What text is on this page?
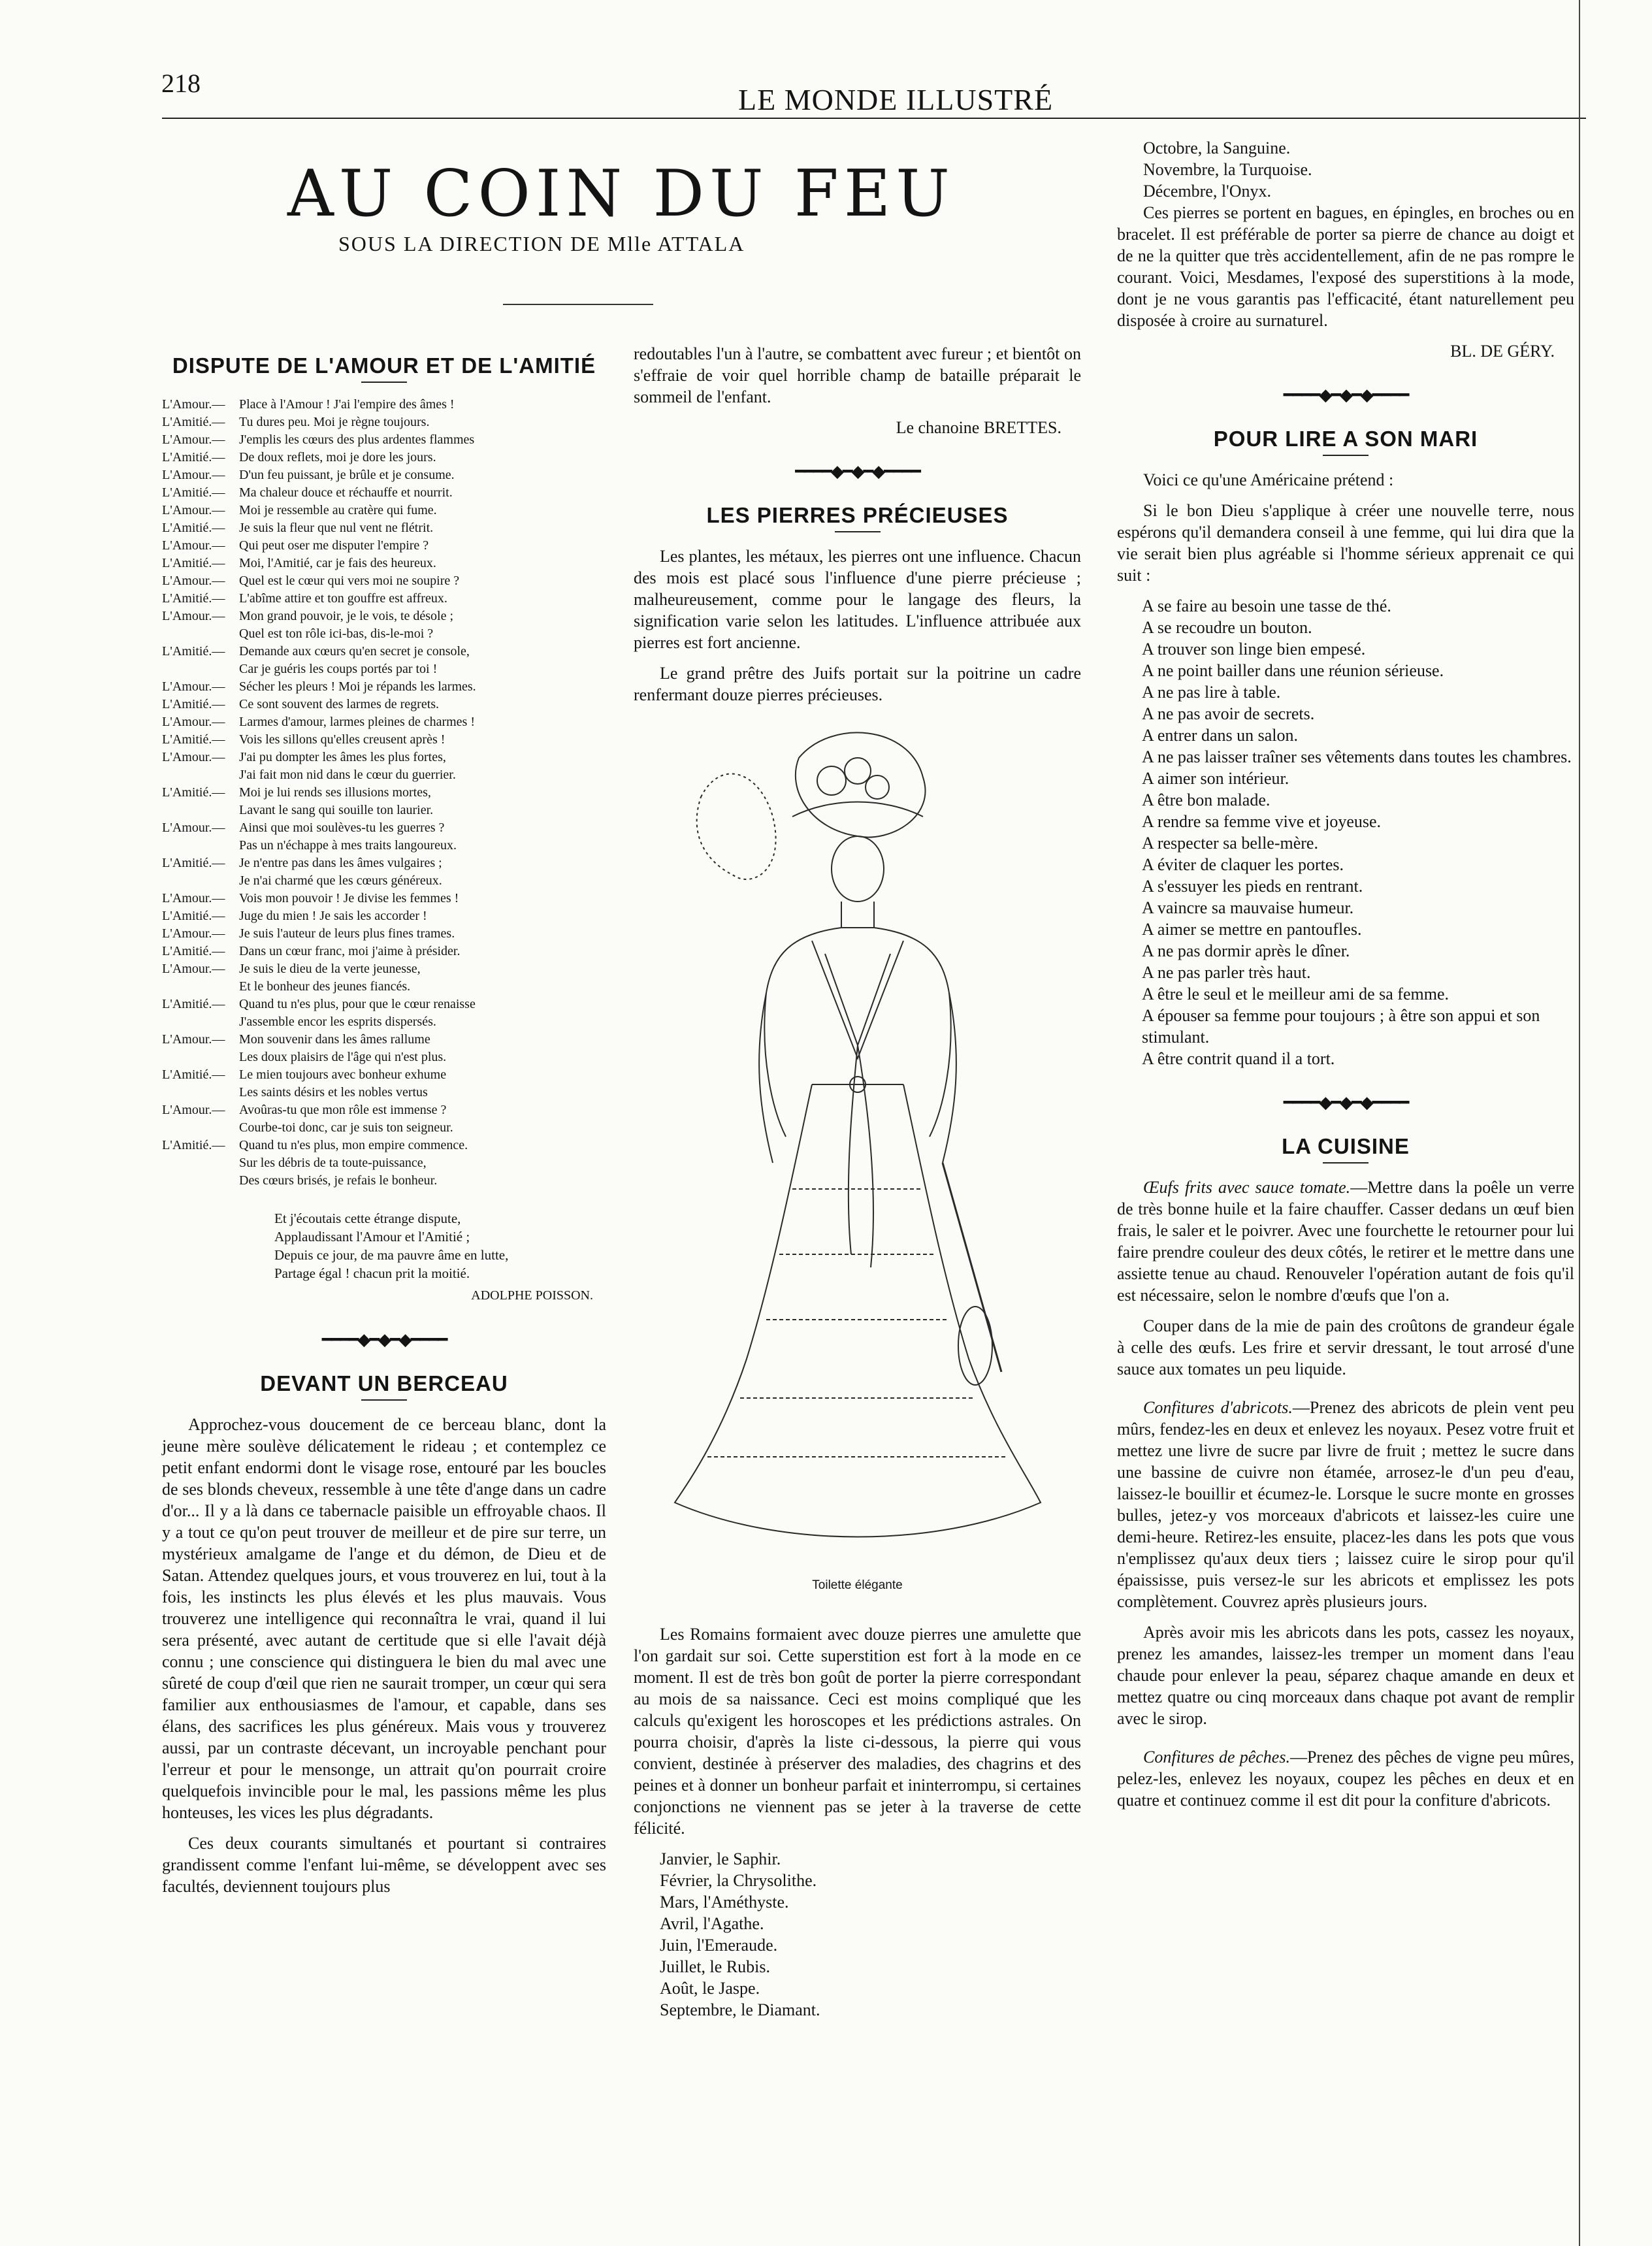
218	LE MONDE ILLUSTRÉ
AU COIN DU FEU
SOUS LA DIRECTION DE Mlle ATTALA
DISPUTE DE L'AMOUR ET DE L'AMITIÉ
L'Amour.—	Place à l'Amour ! J'ai l'empire des âmes !
L'Amitié.—	Tu dures peu. Moi je règne toujours.
L'Amour.—	J'emplis les cœurs des plus ardentes flammes
L'Amitié.—	De doux reflets, moi je dore les jours.
L'Amour.—	D'un feu puissant, je brûle et je consume.
L'Amitié.—	Ma chaleur douce et réchauffe et nourrit.
L'Amour.—	Moi je ressemble au cratère qui fume.
L'Amitié.—	Je suis la fleur que nul vent ne flétrit.
L'Amour.—	Qui peut oser me disputer l'empire ?
L'Amitié.—	Moi, l'Amitié, car je fais des heureux.
L'Amour.—	Quel est le cœur qui vers moi ne soupire ?
L'Amitié.—	L'abîme attire et ton gouffre est affreux.
L'Amour.—	Mon grand pouvoir, je le vois, te désole ;
Quel est ton rôle ici-bas, dis-le-moi ?
L'Amitié.—	Demande aux cœurs qu'en secret je console,
Car je guéris les coups portés par toi !
L'Amour.—	Sécher les pleurs ! Moi je répands les larmes.
L'Amitié.—	Ce sont souvent des larmes de regrets.
L'Amour.—	Larmes d'amour, larmes pleines de charmes !
L'Amitié.—	Vois les sillons qu'elles creusent après !
L'Amour.—	J'ai pu dompter les âmes les plus fortes,
J'ai fait mon nid dans le cœur du guerrier.
L'Amitié.—	Moi je lui rends ses illusions mortes,
Lavant le sang qui souille ton laurier.
L'Amour.—	Ainsi que moi soulèves-tu les guerres ?
Pas un n'échappe à mes traits langoureux.
L'Amitié.—	Je n'entre pas dans les âmes vulgaires ;
Je n'ai charmé que les cœurs généreux.
L'Amour.—	Vois mon pouvoir ! Je divise les femmes !
L'Amitié.—	Juge du mien ! Je sais les accorder !
L'Amour.—	Je suis l'auteur de leurs plus fines trames.
L'Amitié.—	Dans un cœur franc, moi j'aime à présider.
L'Amour.—	Je suis le dieu de la verte jeunesse,
Et le bonheur des jeunes fiancés.
L'Amitié.—	Quand tu n'es plus, pour que le cœur renaisse
J'assemble encor les esprits dispersés.
L'Amour.—	Mon souvenir dans les âmes rallume
Les doux plaisirs de l'âge qui n'est plus.
L'Amitié.—	Le mien toujours avec bonheur exhume
Les saints désirs et les nobles vertus
L'Amour.—	Avoûras-tu que mon rôle est immense ?
Courbe-toi donc, car je suis ton seigneur.
L'Amitié.—	Quand tu n'es plus, mon empire commence.
Sur les débris de ta toute-puissance,
Des cœurs brisés, je refais le bonheur.
Et j'écoutais cette étrange dispute,
Applaudissant l'Amour et l'Amitié ;
Depuis ce jour, de ma pauvre âme en lutte,
Partage égal ! chacun prit la moitié.
ADOLPHE POISSON.
━━━━◆━◆━◆━━━━
DEVANT UN BERCEAU

Approchez-vous doucement de ce berceau blanc, dont la jeune mère soulève délicatement le rideau ; et contemplez ce petit enfant endormi dont le visage rose, entouré par les boucles de ses blonds cheveux, ressemble à une tête d'ange dans un cadre d'or... Il y a là dans ce tabernacle paisible un effroyable chaos. Il y a tout ce qu'on peut trouver de meilleur et de pire sur terre, un mystérieux amalgame de l'ange et du démon, de Dieu et de Satan. Attendez quelques jours, et vous trouverez en lui, tout à la fois, les instincts les plus élevés et les plus mauvais. Vous trouverez une intelligence qui reconnaîtra le vrai, quand il lui sera présenté, avec autant de certitude que si elle l'avait déjà connu ; une conscience qui distinguera le bien du mal avec une sûreté de coup d'œil que rien ne saurait tromper, un cœur qui sera familier aux enthousiasmes de l'amour, et capable, dans ses élans, des sacrifices les plus généreux. Mais vous y trouverez aussi, par un contraste décevant, un incroyable penchant pour l'erreur et pour le mensonge, un attrait qu'on pourrait croire quelquefois invincible pour le mal, les passions même les plus honteuses, les vices les plus dégradants.

Ces deux courants simultanés et pourtant si contraires grandissent comme l'enfant lui-même, se développent avec ses facultés, deviennent toujours plus

redoutables l'un à l'autre, se combattent avec fureur ; et bientôt on s'effraie de voir quel horrible champ de bataille préparait le sommeil de l'enfant.

Le chanoine BRETTES.
━━━━◆━◆━◆━━━━
LES PIERRES PRÉCIEUSES

Les plantes, les métaux, les pierres ont une influence. Chacun des mois est placé sous l'influence d'une pierre précieuse ; malheureusement, comme pour le langage des fleurs, la signification varie selon les latitudes. L'influence attribuée aux pierres est fort ancienne.

Le grand prêtre des Juifs portait sur la poitrine un cadre renfermant douze pierres précieuses.

Toilette élégante

Les Romains formaient avec douze pierres une amulette que l'on gardait sur soi. Cette superstition est fort à la mode en ce moment. Il est de très bon goût de porter la pierre correspondant au mois de sa naissance. Ceci est moins compliqué que les calculs qu'exigent les horoscopes et les prédictions astrales. On pourra choisir, d'après la liste ci-dessous, la pierre qui vous convient, destinée à préserver des maladies, des chagrins et des peines et à donner un bonheur parfait et ininterrompu, si certaines conjonctions ne viennent pas se jeter à la traverse de cette félicité.

Janvier, le Saphir.
Février, la Chrysolithe.
Mars, l'Améthyste.
Avril, l'Agathe.
Juin, l'Emeraude.
Juillet, le Rubis.
Août, le Jaspe.
Septembre, le Diamant.
Octobre, la Sanguine.
Novembre, la Turquoise.
Décembre, l'Onyx.

Ces pierres se portent en bagues, en épingles, en broches ou en bracelet. Il est préférable de porter sa pierre de chance au doigt et de ne la quitter que très accidentellement, afin de ne pas rompre le courant. Voici, Mesdames, l'exposé des superstitions à la mode, dont je ne vous garantis pas l'efficacité, étant naturellement peu disposée à croire au surnaturel.

BL. DE GÉRY.
━━━━◆━◆━◆━━━━
POUR LIRE A SON MARI

Voici ce qu'une Américaine prétend :

Si le bon Dieu s'applique à créer une nouvelle terre, nous espérons qu'il demandera conseil à une femme, qui lui dira que la vie serait bien plus agréable si l'homme sérieux apprenait ce qui suit :

A se faire au besoin une tasse de thé.
A se recoudre un bouton.
A trouver son linge bien empesé.
A ne point bailler dans une réunion sérieuse.
A ne pas lire à table.
A ne pas avoir de secrets.
A entrer dans un salon.
A ne pas laisser traîner ses vêtements dans toutes les chambres.
A aimer son intérieur.
A être bon malade.
A rendre sa femme vive et joyeuse.
A respecter sa belle-mère.
A éviter de claquer les portes.
A s'essuyer les pieds en rentrant.
A vaincre sa mauvaise humeur.
A aimer se mettre en pantoufles.
A ne pas dormir après le dîner.
A ne pas parler très haut.
A être le seul et le meilleur ami de sa femme.
A épouser sa femme pour toujours ; à être son appui et son stimulant.
A être contrit quand il a tort.
━━━━◆━◆━◆━━━━
LA CUISINE

Œufs frits avec sauce tomate.—Mettre dans la poêle un verre de très bonne huile et la faire chauffer. Casser dedans un œuf bien frais, le saler et le poivrer. Avec une fourchette le retourner pour lui faire prendre couleur des deux côtés, le retirer et le mettre dans une assiette tenue au chaud. Renouveler l'opération autant de fois qu'il est nécessaire, selon le nombre d'œufs que l'on a.

Couper dans de la mie de pain des croûtons de grandeur égale à celle des œufs. Les frire et servir dressant, le tout arrosé d'une sauce aux tomates un peu liquide.

Confitures d'abricots.—Prenez des abricots de plein vent peu mûrs, fendez-les en deux et enlevez les noyaux. Pesez votre fruit et mettez une livre de sucre par livre de fruit ; mettez le sucre dans une bassine de cuivre non étamée, arrosez-le d'un peu d'eau, laissez-le bouillir et écumez-le. Lorsque le sucre monte en grosses bulles, jetez-y vos morceaux d'abricots et laissez-les cuire une demi-heure. Retirez-les ensuite, placez-les dans les pots que vous n'emplissez qu'aux deux tiers ; laissez cuire le sirop pour qu'il épaississe, puis versez-le sur les abricots et emplissez les pots complètement. Couvrez après plusieurs jours.

Après avoir mis les abricots dans les pots, cassez les noyaux, prenez les amandes, laissez-les tremper un moment dans l'eau chaude pour enlever la peau, séparez chaque amande en deux et mettez quatre ou cinq morceaux dans chaque pot avant de remplir avec le sirop.

Confitures de pêches.—Prenez des pêches de vigne peu mûres, pelez-les, enlevez les noyaux, coupez les pêches en deux et en quatre et continuez comme il est dit pour la confiture d'abricots.
